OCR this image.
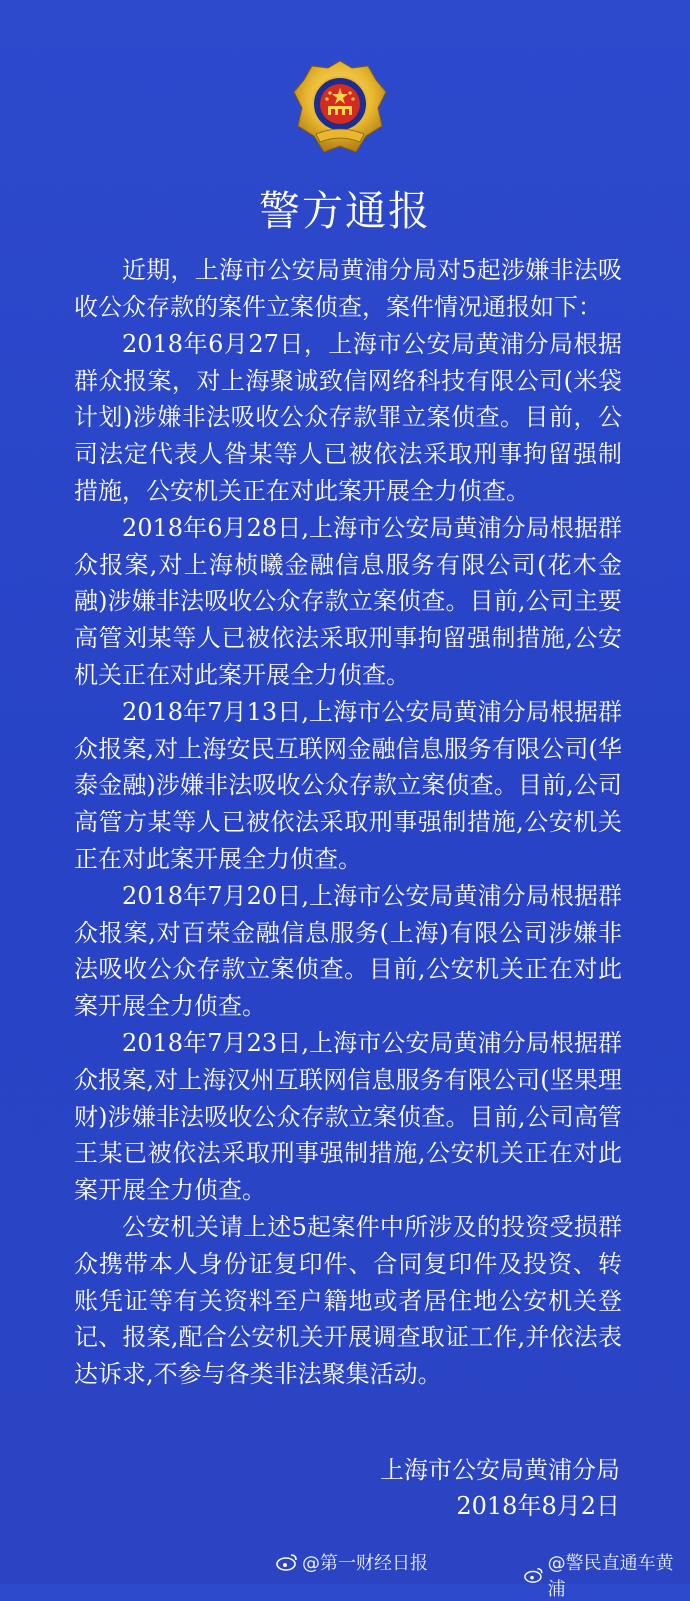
警方通报

近期，上海市公安局黄浦分局对5起涉嫌非法吸收公众存款的案件立案侦查，案件情况通报如下：

2018年6月27日，上海市公安局黄浦分局根据群众报案，对上海聚诚致信网络科技有限公司(米袋计划)涉嫌非法吸收公众存款罪立案侦查。目前，公司法定代表人昝某等人已被依法采取刑事拘留强制措施，公安机关正在对此案开展全力侦查。

2018年6月28日,上海市公安局黄浦分局根据群众报案,对上海桢曦金融信息服务有限公司(花木金融)涉嫌非法吸收公众存款立案侦查。目前,公司主要高管刘某等人已被依法采取刑事拘留强制措施,公安机关正在对此案开展全力侦查。

2018年7月13日,上海市公安局黄浦分局根据群众报案,对上海安民互联网金融信息服务有限公司(华泰金融)涉嫌非法吸收公众存款立案侦查。目前,公司高管方某等人已被依法采取刑事强制措施,公安机关正在对此案开展全力侦查。

2018年7月20日,上海市公安局黄浦分局根据群众报案,对百荣金融信息服务(上海)有限公司涉嫌非法吸收公众存款立案侦查。目前,公安机关正在对此案开展全力侦查。

2018年7月23日,上海市公安局黄浦分局根据群众报案,对上海汉州互联网信息服务有限公司(坚果理财)涉嫌非法吸收公众存款立案侦查。目前,公司高管王某已被依法采取刑事强制措施,公安机关正在对此案开展全力侦查。

公安机关请上述5起案件中所涉及的投资受损群众携带本人身份证复印件、合同复印件及投资、转账凭证等有关资料至户籍地或者居住地公安机关登记、报案,配合公安机关开展调查取证工作,并依法表达诉求,不参与各类非法聚集活动。

上海市公安局黄浦分局
2018年8月2日
@第一财经日报	@警民直通车黄浦
